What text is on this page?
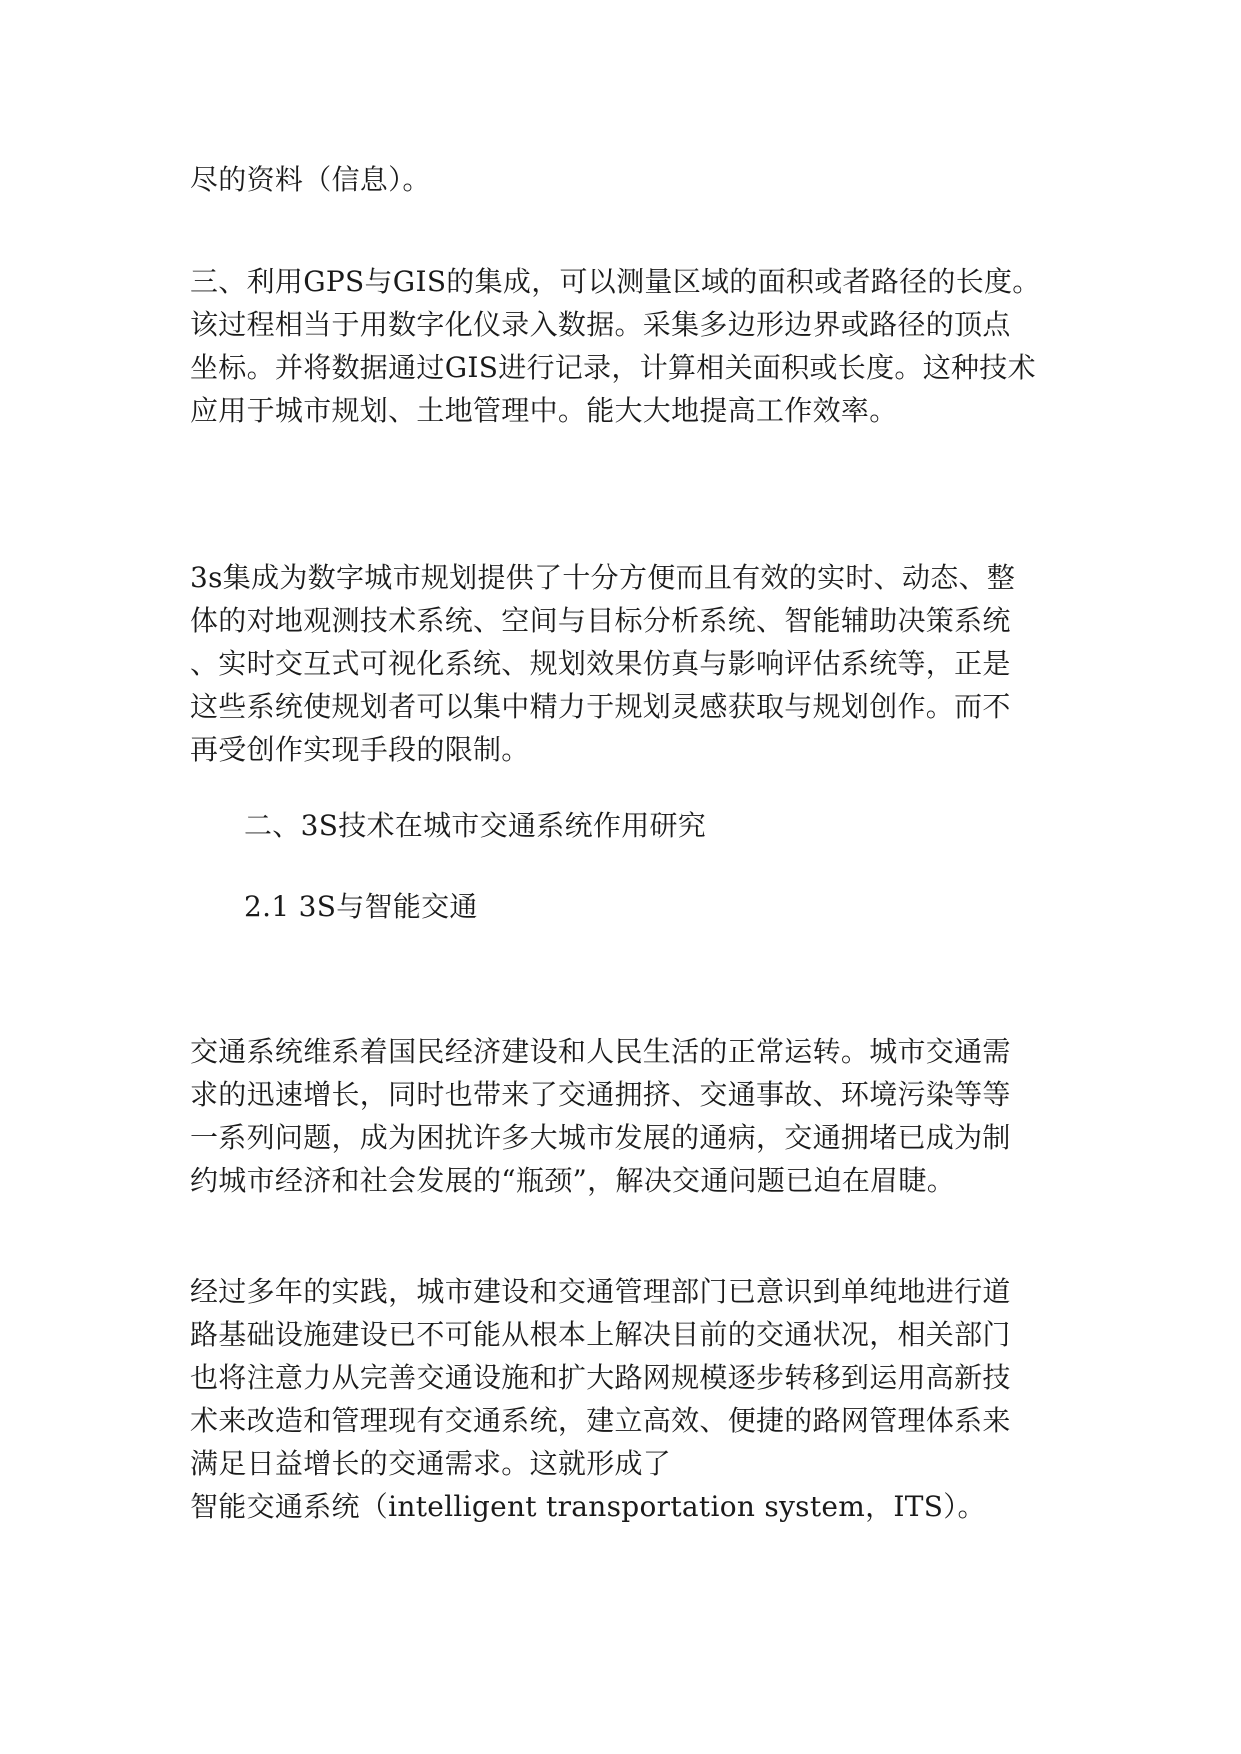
尽的资料（信息）。
三、利用GPS与GIS的集成，可以测量区域的面积或者路径的长度。
该过程相当于用数字化仪录入数据。采集多边形边界或路径的顶点
坐标。并将数据通过GIS进行记录，计算相关面积或长度。这种技术
应用于城市规划、土地管理中。能大大地提高工作效率。
3s集成为数字城市规划提供了十分方便而且有效的实时、动态、整
体的对地观测技术系统、空间与目标分析系统、智能辅助决策系统
、实时交互式可视化系统、规划效果仿真与影响评估系统等，正是
这些系统使规划者可以集中精力于规划灵感获取与规划创作。而不
再受创作实现手段的限制。
二、3S技术在城市交通系统作用研究
2.1 3S与智能交通
交通系统维系着国民经济建设和人民生活的正常运转。城市交通需
求的迅速增长，同时也带来了交通拥挤、交通事故、环境污染等等
一系列问题，成为困扰许多大城市发展的通病，交通拥堵已成为制
约城市经济和社会发展的“瓶颈”，解决交通问题已迫在眉睫。
经过多年的实践，城市建设和交通管理部门已意识到单纯地进行道
路基础设施建设已不可能从根本上解决目前的交通状况，相关部门
也将注意力从完善交通设施和扩大路网规模逐步转移到运用高新技
术来改造和管理现有交通系统，建立高效、便捷的路网管理体系来
满足日益增长的交通需求。这就形成了
智能交通系统（intelligent transportation system，ITS）。
